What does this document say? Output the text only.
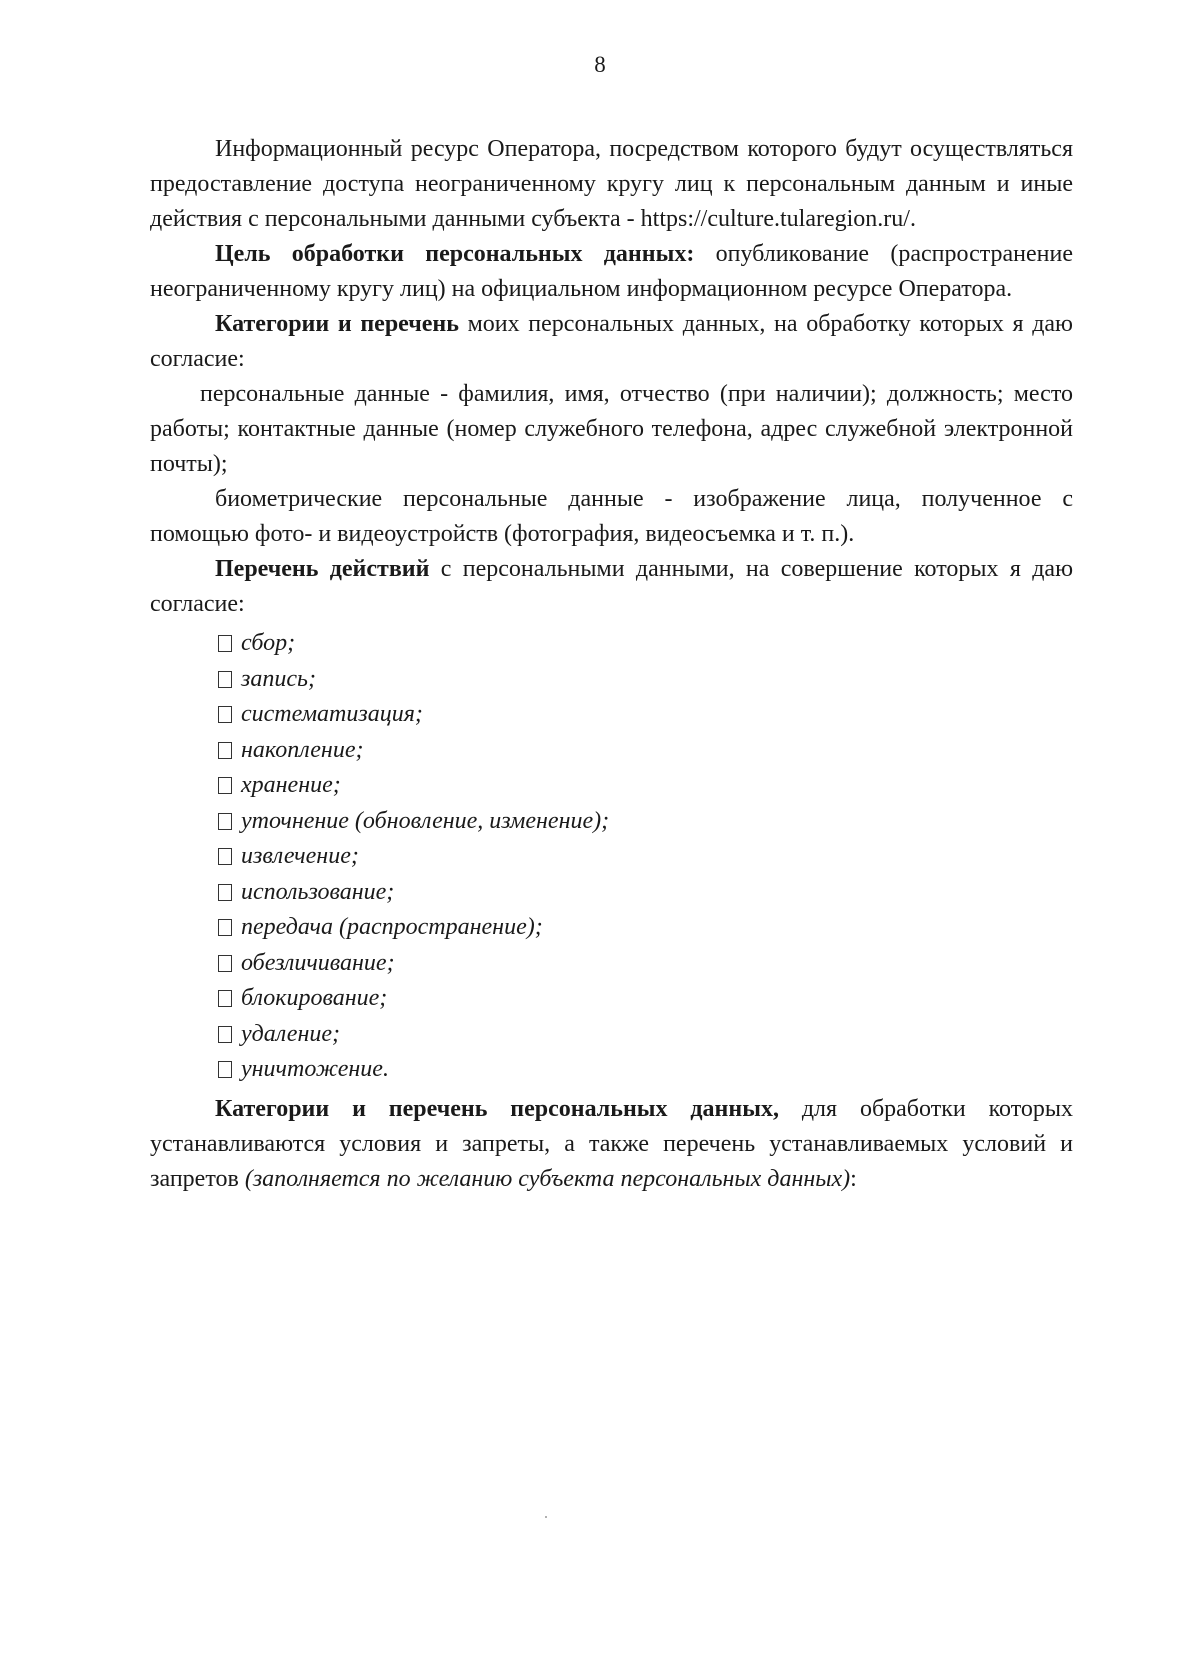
8

Информационный ресурс Оператора, посредством которого будут осуществляться предоставление доступа неограниченному кругу лиц к персональным данным и иные действия с персональными данными субъекта - https://culture.tularegion.ru/.

Цель обработки персональных данных: опубликование (распространение неограниченному кругу лиц) на официальном информационном ресурсе Оператора.

Категории и перечень моих персональных данных, на обработку которых я даю согласие:

персональные данные - фамилия, имя, отчество (при наличии); должность; место работы; контактные данные (номер служебного телефона, адрес служебной электронной почты);

биометрические персональные данные - изображение лица, полученное с помощью фото- и видеоустройств (фотография, видеосъемка и т. п.).

Перечень действий с персональными данными, на совершение которых я даю согласие:

сбор;
запись;
систематизация;
накопление;
хранение;
уточнение (обновление, изменение);
извлечение;
использование;
передача (распространение);
обезличивание;
блокирование;
удаление;
уничтожение.

Категории и перечень персональных данных, для обработки которых устанавливаются условия и запреты, а также перечень устанавливаемых условий и запретов (заполняется по желанию субъекта персональных данных):
